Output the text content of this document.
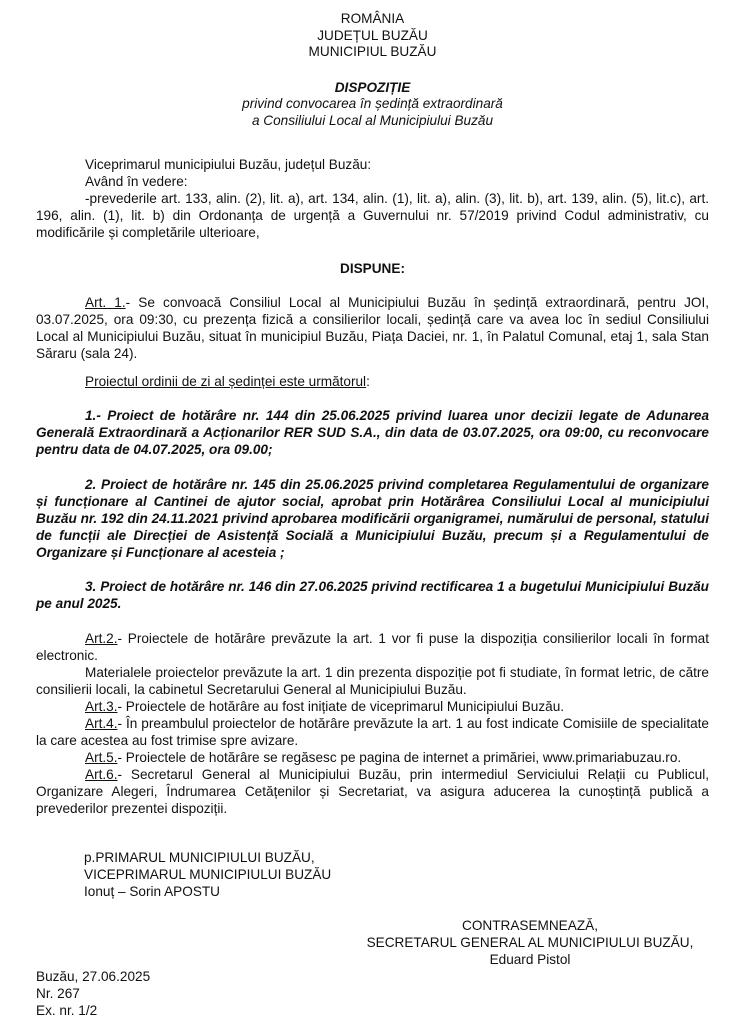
ROMÂNIA
JUDEȚUL BUZĂU
MUNICIPIUL BUZĂU
DISPOZIȚIE
privind convocarea în ședință extraordinară
a Consiliului Local al Municipiului Buzău

Viceprimarul municipiului Buzău, județul Buzău:

Având în vedere:

-prevederile art. 133, alin. (2), lit. a), art. 134, alin. (1), lit. a), alin. (3), lit. b), art. 139, alin. (5), lit.c), art. 196, alin. (1), lit. b) din Ordonanța de urgență a Guvernului nr. 57/2019 privind Codul administrativ, cu modificările și completările ulterioare,

DISPUNE:

Art. 1.- Se convoacă Consiliul Local al Municipiului Buzău în ședință extraordinară, pentru JOI, 03.07.2025, ora 09:30, cu prezența fizică a consilierilor locali, ședință care va avea loc în sediul Consiliului Local al Municipiului Buzău, situat în municipiul Buzău, Piața Daciei, nr. 1, în Palatul Comunal, etaj 1, sala Stan Săraru (sala 24).

Proiectul ordinii de zi al ședinței este următorul:

1.- Proiect de hotărâre nr. 144 din 25.06.2025 privind luarea unor decizii legate de Adunarea Generală Extraordinară a Acționarilor RER SUD S.A., din data de 03.07.2025, ora 09:00, cu reconvocare pentru data de 04.07.2025, ora 09.00;

2. Proiect de hotărâre nr. 145 din 25.06.2025 privind completarea Regulamentului de organizare și funcționare al Cantinei de ajutor social, aprobat prin Hotărârea Consiliului Local al municipiului Buzău nr. 192 din 24.11.2021 privind aprobarea modificării organigramei, numărului de personal, statului de funcții ale Direcției de Asistență Socială a Municipiului Buzău, precum și a Regulamentului de Organizare și Funcționare al acesteia ;

3. Proiect de hotărâre nr. 146 din 27.06.2025 privind rectificarea 1 a bugetului Municipiului Buzău pe anul 2025.

Art.2.- Proiectele de hotărâre prevăzute la art. 1 vor fi puse la dispoziția consilierilor locali în format electronic.

Materialele proiectelor prevăzute la art. 1 din prezenta dispoziție pot fi studiate, în format letric, de către consilierii locali, la cabinetul Secretarului General al Municipiului Buzău.

Art.3.- Proiectele de hotărâre au fost inițiate de viceprimarul Municipiului Buzău.

Art.4.- În preambulul proiectelor de hotărâre prevăzute la art. 1 au fost indicate Comisiile de specialitate la care acestea au fost trimise spre avizare.

Art.5.- Proiectele de hotărâre se regăsesc pe pagina de internet a primăriei, www.primariabuzau.ro.

Art.6.- Secretarul General al Municipiului Buzău, prin intermediul Serviciului Relații cu Publicul, Organizare Alegeri, Îndrumarea Cetățenilor și Secretariat, va asigura aducerea la cunoștință publică a prevederilor prezentei dispoziții.

p.PRIMARUL MUNICIPIULUI BUZĂU,
VICEPRIMARUL MUNICIPIULUI BUZĂU
Ionuț – Sorin APOSTU
CONTRASEMNEAZĂ,
SECRETARUL GENERAL AL MUNICIPIULUI BUZĂU,
Eduard Pistol
Buzău, 27.06.2025
Nr. 267
Ex. nr. 1/2
